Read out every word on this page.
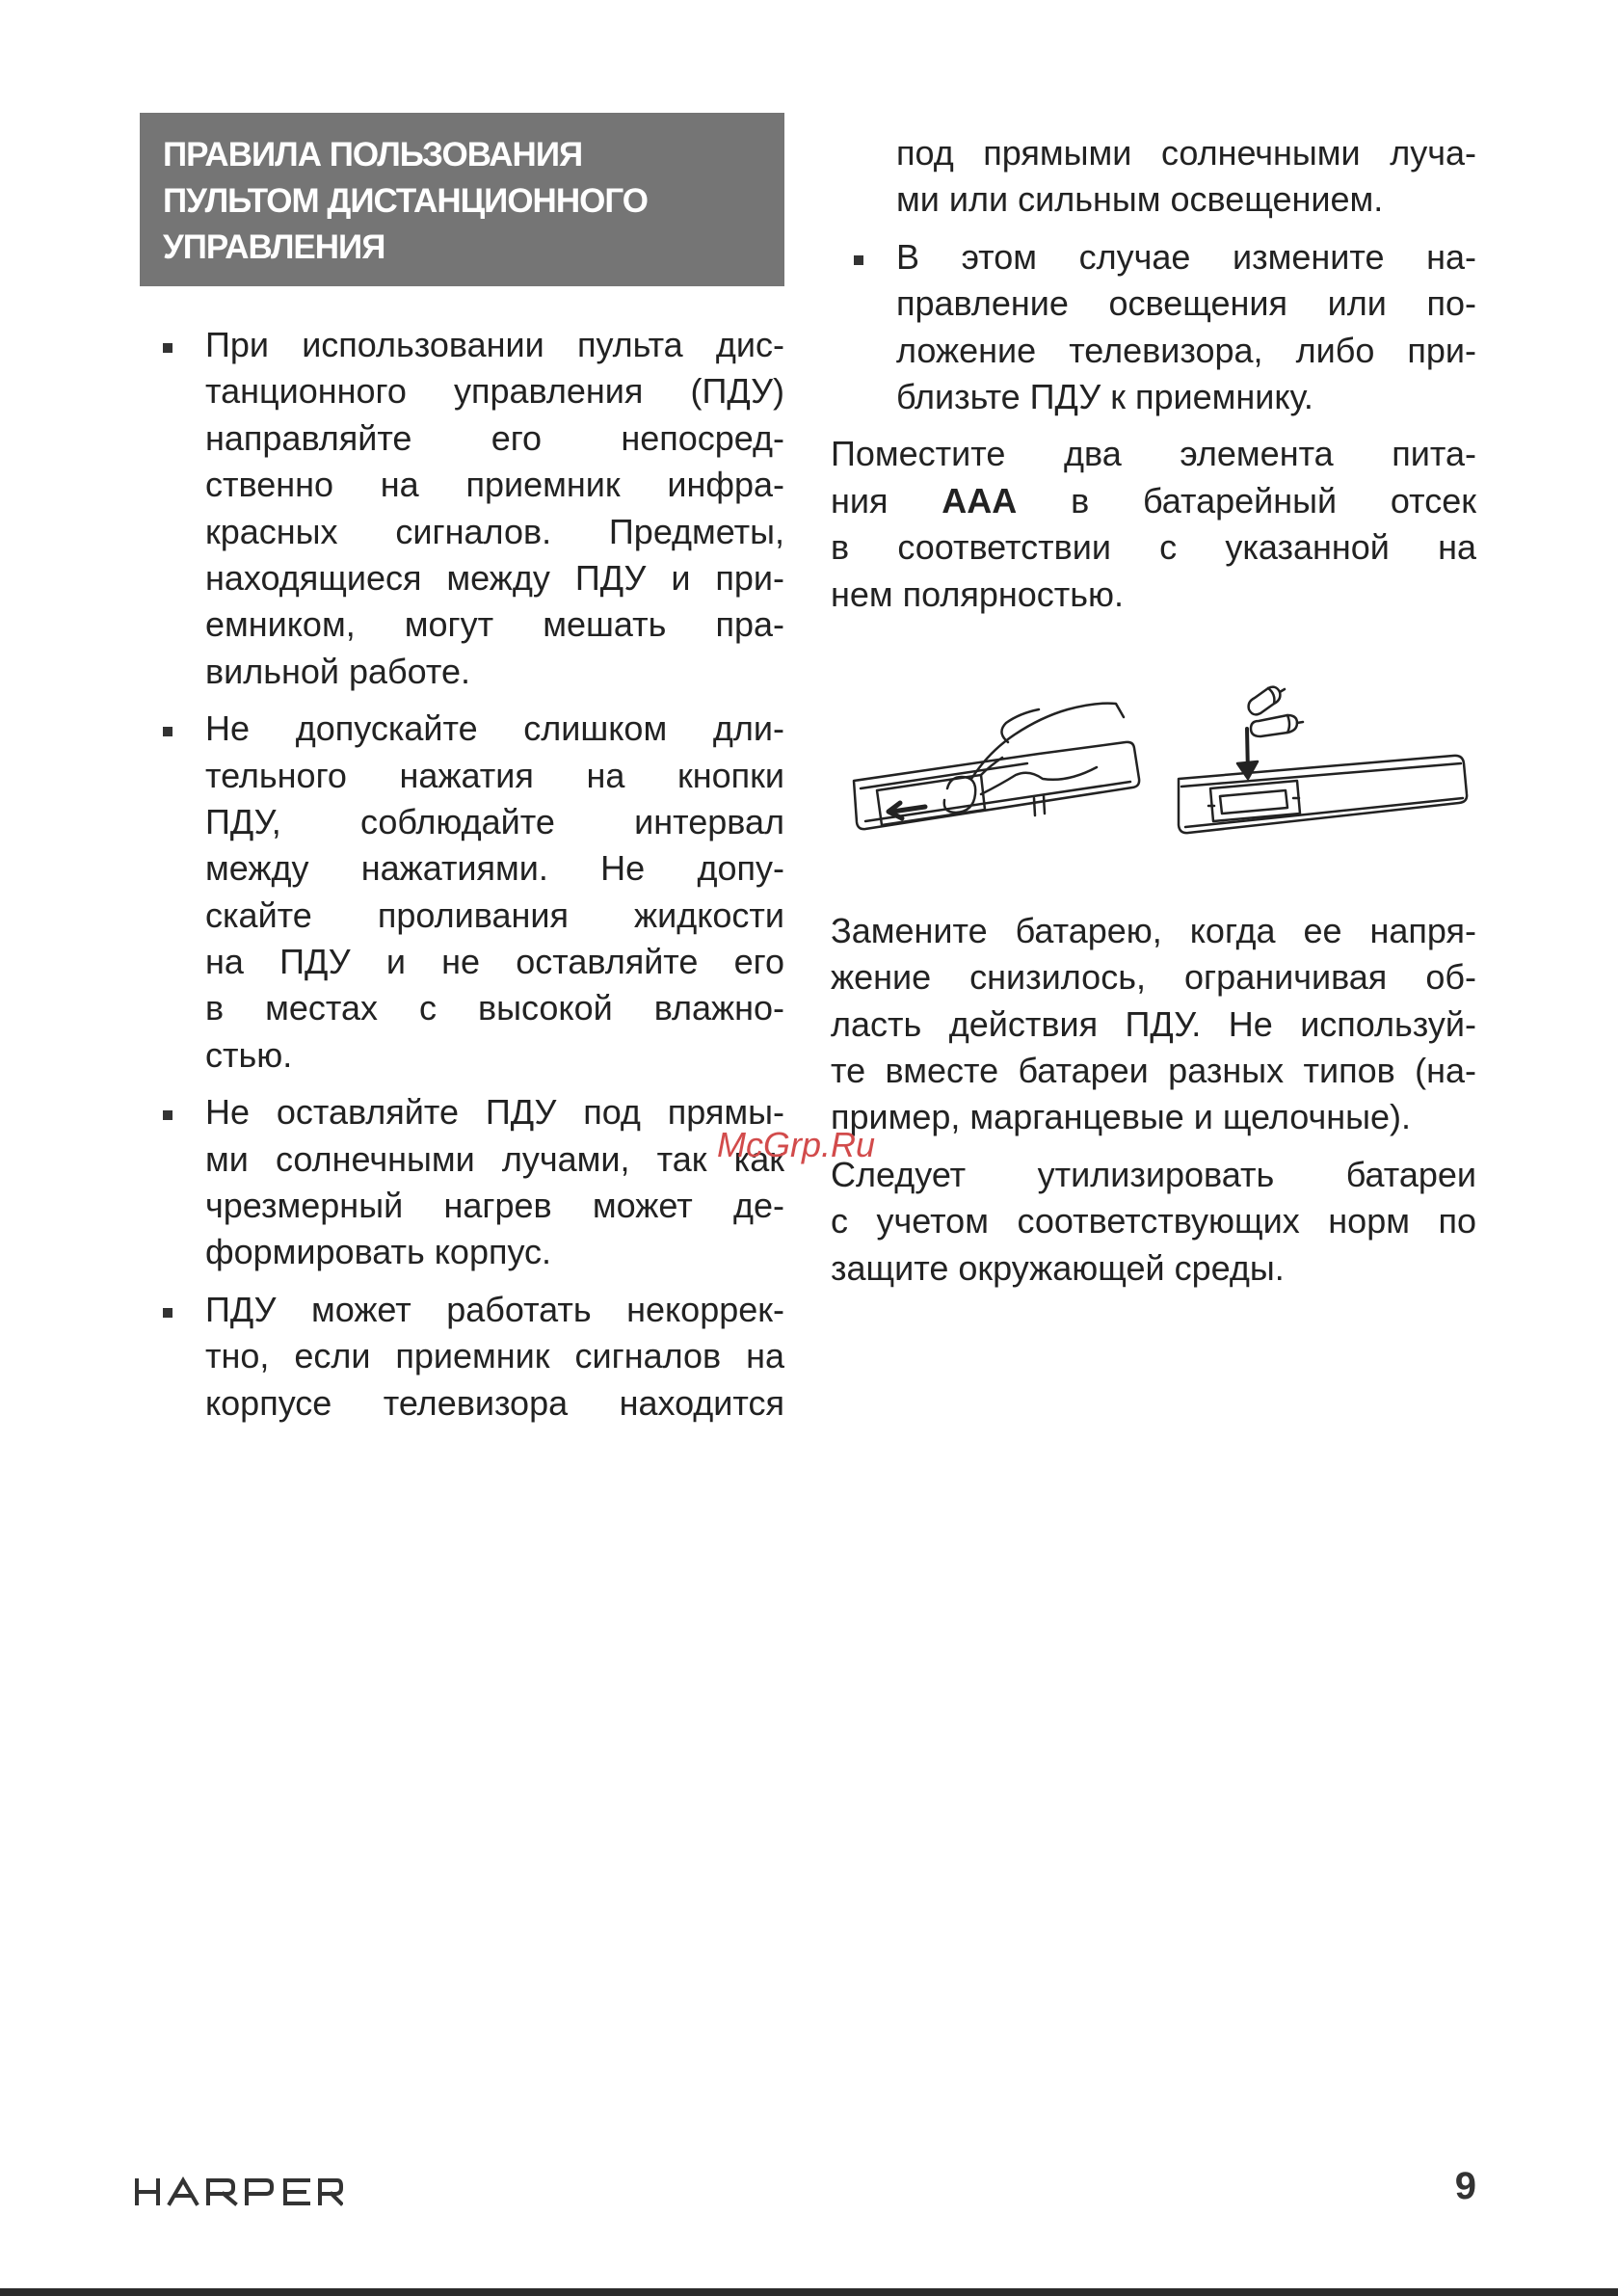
ПРАВИЛА ПОЛЬЗОВАНИЯ
ПУЛЬТОМ ДИСТАНЦИОННОГО
УПРАВЛЕНИЯ
При использовании пульта дис-
танционного управления (ПДУ)
направляйте его непосред-
ственно на приемник инфра-
красных сигналов. Предметы,
находящиеся между ПДУ и при-
емником, могут мешать пра-
вильной работе.
Не допускайте слишком дли-
тельного нажатия на кнопки
ПДУ, соблюдайте интервал
между нажатиями. Не допу-
скайте проливания жидкости
на ПДУ и не оставляйте его
в местах с высокой влажно-
стью.
Не оставляйте ПДУ под прямы-
ми солнечными лучами, так как
чрезмерный нагрев может де-
формировать корпус.
ПДУ может работать некоррек-
тно, если приемник сигналов на
корпусе телевизора находится
под прямыми солнечными луча-
ми или сильным освещением.
В этом случае измените на-
правление освещения или по-
ложение телевизора, либо при-
близьте ПДУ к приемнику.
Поместите два элемента пита-
ния AAA в батарейный отсек
в соответствии с указанной на
нем полярностью.
Замените батарею, когда ее напря-
жение снизилось, ограничивая об-
ласть действия ПДУ. Не используй-
те вместе батареи разных типов (на-
пример, марганцевые и щелочные).
Следует утилизировать батареи
с учетом соответствующих норм по
защите окружающей среды.
McGrp.Ru
9
